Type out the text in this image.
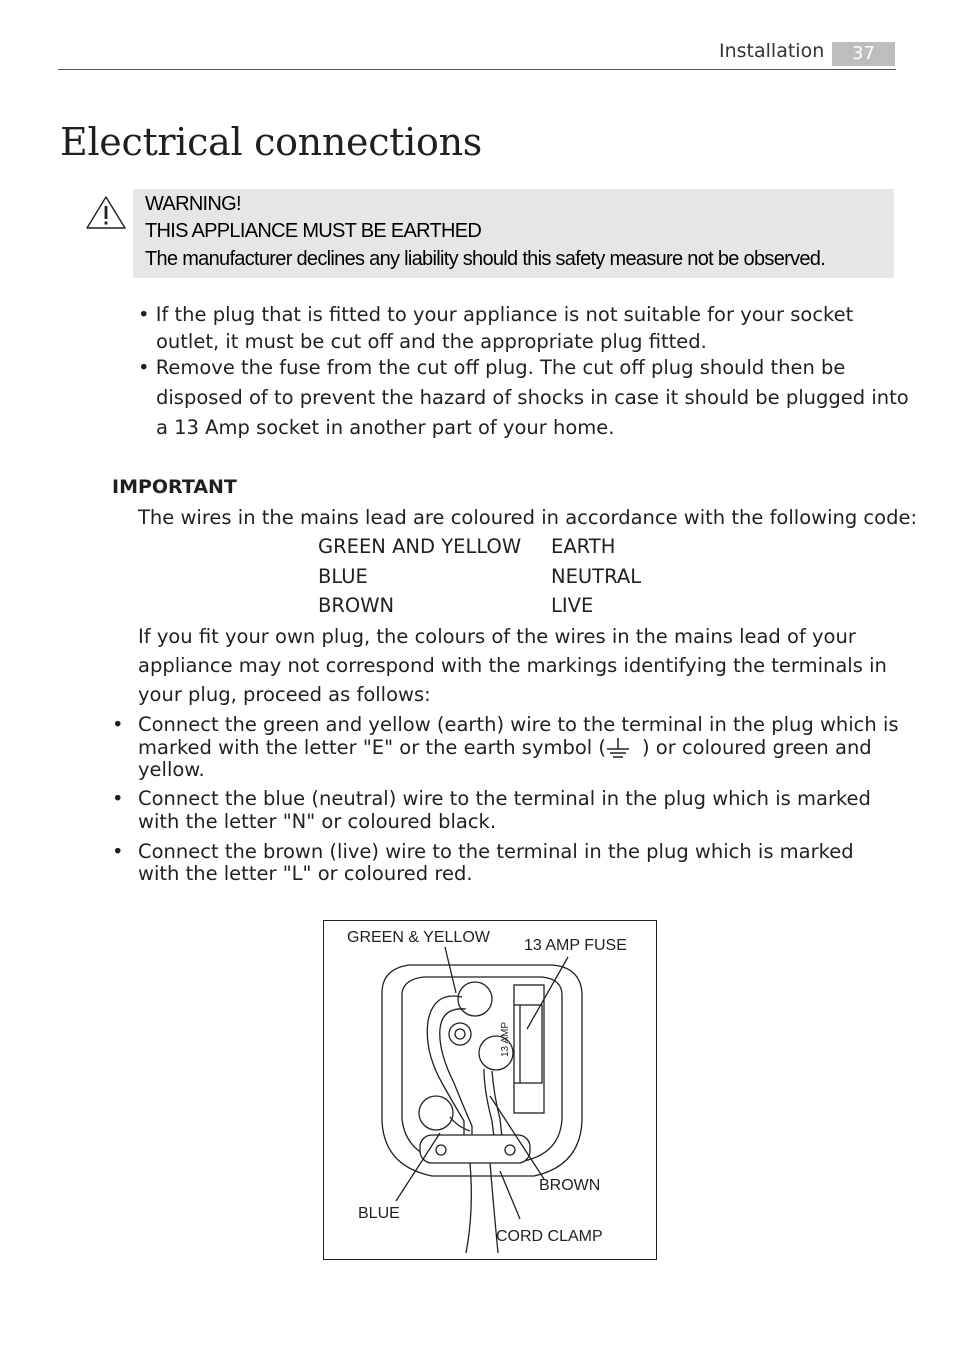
Installation	37
Electrical connections
WARNING!
THIS APPLIANCE MUST BE EARTHED
The manufacturer declines any liability should this safety measure not be observed.
• If the plug that is fitted to your appliance is not suitable for your socket
outlet, it must be cut off and the appropriate plug fitted.
• Remove the fuse from the cut off plug. The cut off plug should then be
disposed of to prevent the hazard of shocks in case it should be plugged into
a 13 Amp socket in another part of your home.
IMPORTANT
The wires in the mains lead are coloured in accordance with the following code:
GREEN AND YELLOW EARTH
BLUE	NEUTRAL
BROWN	LIVE
If you fit your own plug, the colours of the wires in the mains lead of your
appliance may not correspond with the markings identifying the terminals in
your plug, proceed as follows:
• Connect the green and yellow (earth) wire to the terminal in the plug which is
marked with the letter "E" or the earth symbol ( ) or coloured green and
yellow.
• Connect the blue (neutral) wire to the terminal in the plug which is marked
with the letter "N" or coloured black.
• Connect the brown (live) wire to the terminal in the plug which is marked
with the letter "L" or coloured red.
GREEN & YELLOW 13 AMP FUSE
13 AMP
BROWN
BLUE
CORD CLAMP
